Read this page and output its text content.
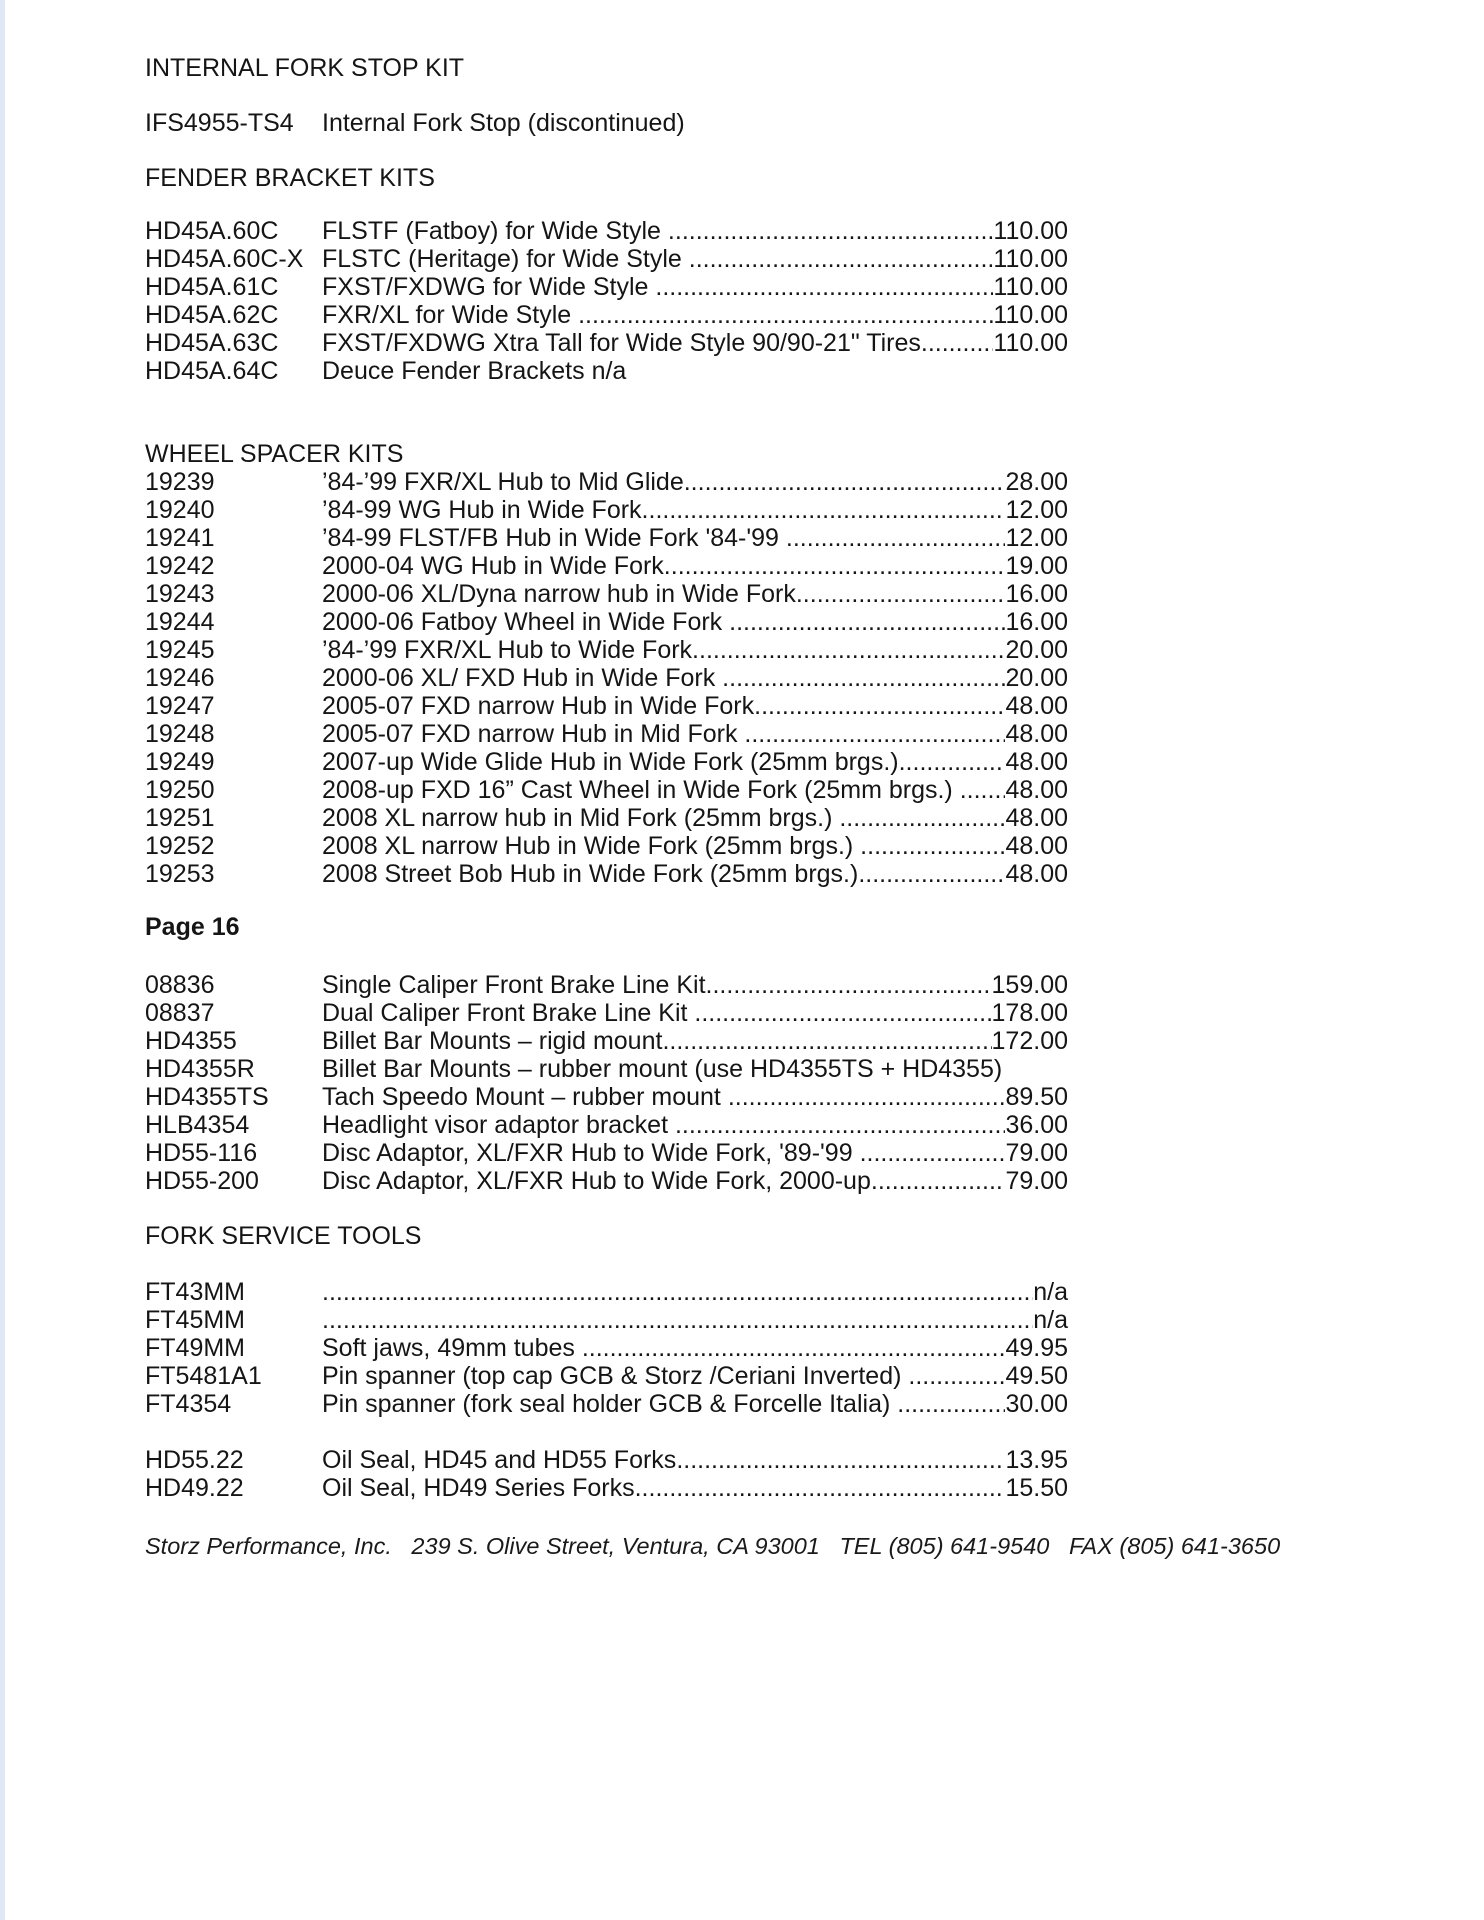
INTERNAL FORK STOP KIT
IFS4955-TS4	Internal Fork Stop (discontinued)
FENDER BRACKET KITS
HD45A.60C	FLSTF (Fatboy) for Wide Style .....	110.00
HD45A.60C-X FLSTC (Heritage) for Wide Style .....	110.00
HD45A.61C	FXST/FXDWG for Wide Style .....	110.00
HD45A.62C	FXR/XL for Wide Style .....	110.00
HD45A.63C	FXST/FXDWG Xtra Tall for Wide Style 90/90-21" Tires .....	110.00
HD45A.64C	Deuce Fender Brackets n/a
WHEEL SPACER KITS
19239	’84-’99 FXR/XL Hub to Mid Glide .....	28.00
19240	’84-99 WG Hub in Wide Fork .....	12.00
19241	’84-99 FLST/FB Hub in Wide Fork '84-'99 .....	12.00
19242	2000-04 WG Hub in Wide Fork .....	19.00
19243	2000-06 XL/Dyna narrow hub in Wide Fork .....	16.00
19244	2000-06 Fatboy Wheel in Wide Fork .....	16.00
19245	’84-’99 FXR/XL Hub to Wide Fork .....	20.00
19246	2000-06 XL/ FXD Hub in Wide Fork .....	20.00
19247	2005-07 FXD narrow Hub in Wide Fork .....	48.00
19248	2005-07 FXD narrow Hub in Mid Fork .....	48.00
19249	2007-up Wide Glide Hub in Wide Fork (25mm brgs.) .....	48.00
19250	2008-up FXD 16” Cast Wheel in Wide Fork (25mm brgs.) ..... 48.00
19251	2008 XL narrow hub in Mid Fork (25mm brgs.) .....	48.00
19252	2008 XL narrow Hub in Wide Fork (25mm brgs.) .....	48.00
19253	2008 Street Bob Hub in Wide Fork (25mm brgs.) .....	48.00
Page 16
08836	Single Caliper Front Brake Line Kit .....	159.00
08837	Dual Caliper Front Brake Line Kit .....	178.00
HD4355	Billet Bar Mounts – rigid mount .....	172.00
HD4355R	Billet Bar Mounts – rubber mount (use HD4355TS + HD4355)
HD4355TS	Tach Speedo Mount – rubber mount .....	89.50
HLB4354	Headlight visor adaptor bracket .....	36.00
HD55-116	Disc Adaptor, XL/FXR Hub to Wide Fork, '89-'99 .....	79.00
HD55-200	Disc Adaptor, XL/FXR Hub to Wide Fork, 2000-up .....	79.00
FORK SERVICE TOOLS
FT43MM .....	n/a
FT45MM .....	n/a
FT49MM	Soft jaws, 49mm tubes .....	49.95
FT5481A1	Pin spanner (top cap GCB & Storz /Ceriani Inverted) .....	49.50
FT4354	Pin spanner (fork seal holder GCB & Forcelle Italia) .....	30.00
HD55.22	Oil Seal, HD45 and HD55 Forks .....	13.95
HD49.22	Oil Seal, HD49 Series Forks .....	15.50
Storz Performance, Inc.   239 S. Olive Street, Ventura, CA 93001   TEL (805) 641-9540   FAX (805) 641-3650
